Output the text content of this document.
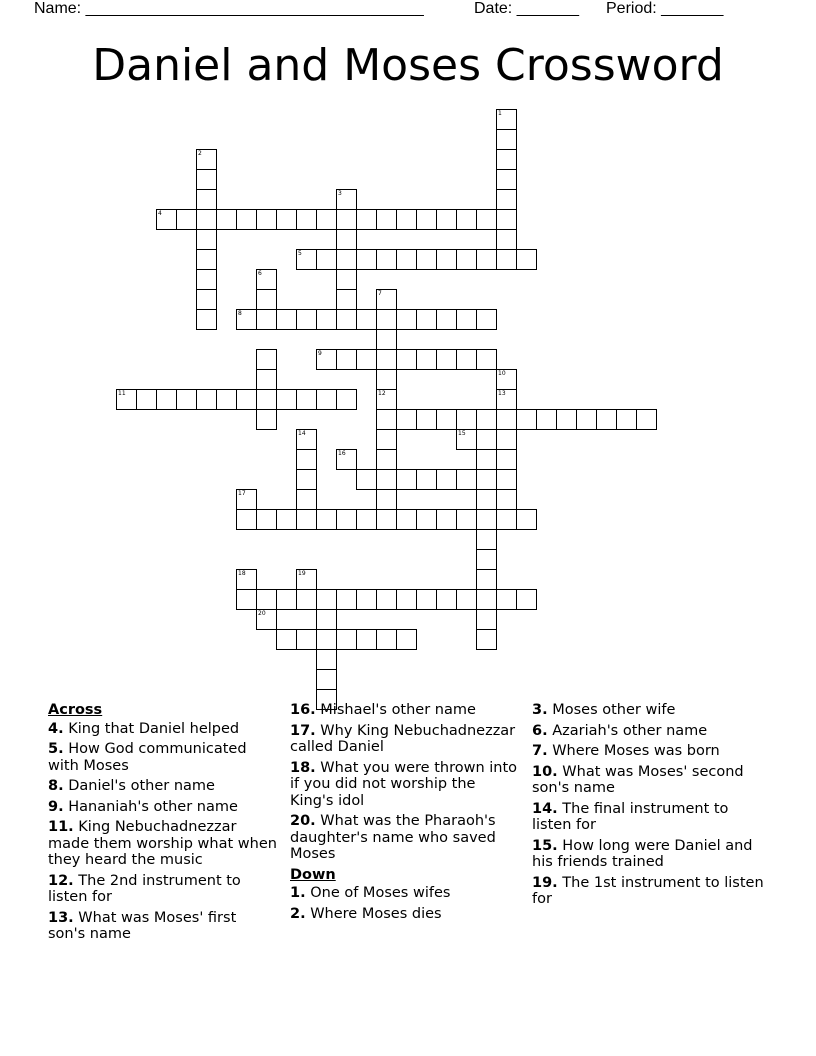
Name: ______________________________________	Date: _______ Period: _______
Daniel and Moses Crossword
1
2
3
4
5
6
7
12
8
11
10
13
14
9
15
16
17
18	19
20
Across
4. King that Daniel helped
5. How God communicated with Moses
8. Daniel's other name
9. Hananiah's other name
11. King Nebuchadnezzar made them worship what when they heard the music
12. The 2nd instrument to listen for
13. What was Moses' first son's name
16. Mishael's other name
17. Why King Nebuchadnezzar called Daniel
18. What you were thrown into if you did not worship the King's idol
20. What was the Pharaoh's daughter's name who saved Moses
Down
1. One of Moses wifes
2. Where Moses dies
3. Moses other wife
6. Azariah's other name
7. Where Moses was born
10. What was Moses' second son's name
14. The final instrument to listen for
15. How long were Daniel and his friends trained
19. The 1st instrument to listen for
